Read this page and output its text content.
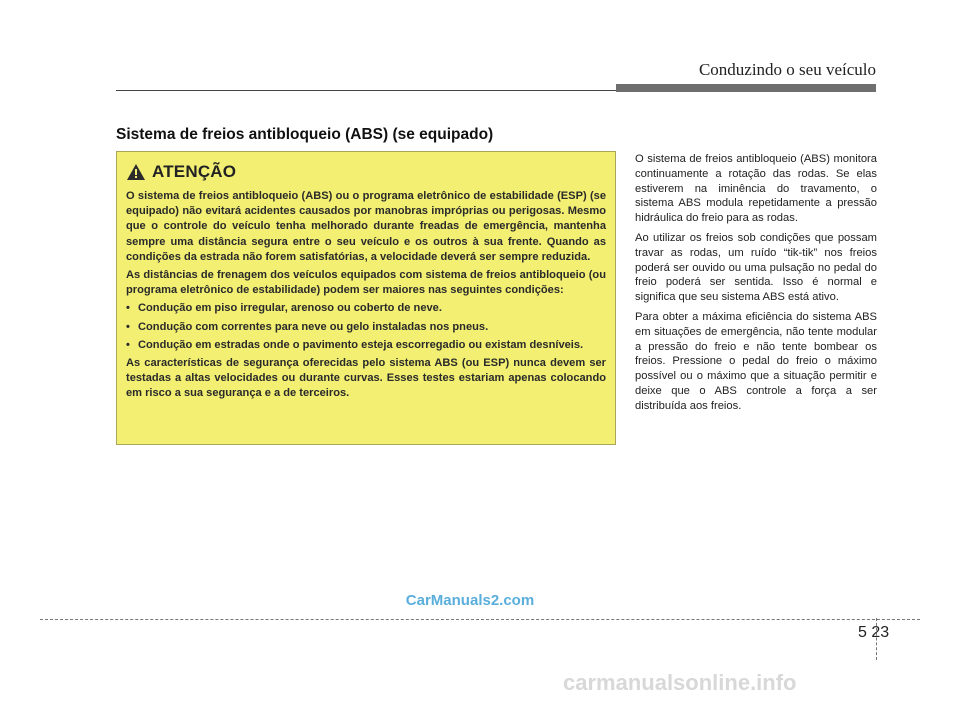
Conduzindo o seu veículo
Sistema de freios antibloqueio (ABS) (se equipado)
ATENÇÃO

O sistema de freios antibloqueio (ABS) ou o programa eletrônico de estabilidade (ESP) (se equipado) não evitará acidentes causados por manobras impróprias ou perigosas. Mesmo que o controle do veículo tenha melhorado durante freadas de emergência, mantenha sempre uma distância segura entre o seu veículo e os outros à sua frente. Quando as condições da estrada não forem satisfatórias, a velocidade deverá ser sempre reduzida.

As distâncias de frenagem dos veículos equipados com sistema de freios antibloqueio (ou programa eletrônico de estabilidade) podem ser maiores nas seguintes condições:

• Condução em piso irregular, arenoso ou coberto de neve.
• Condução com correntes para neve ou gelo instaladas nos pneus.
• Condução em estradas onde o pavimento esteja escorregadio ou existam desníveis.

As características de segurança oferecidas pelo sistema ABS (ou ESP) nunca devem ser testadas a altas velocidades ou durante curvas. Esses testes estariam apenas colocando em risco a sua segurança e a de terceiros.

O sistema de freios antibloqueio (ABS) monitora continuamente a rotação das rodas. Se elas estiverem na iminência do travamento, o sistema ABS modula repetidamente a pressão hidráulica do freio para as rodas.

Ao utilizar os freios sob condições que possam travar as rodas, um ruído “tik-tik” nos freios poderá ser ouvido ou uma pulsação no pedal do freio poderá ser sentida. Isso é normal e significa que seu sistema ABS está ativo.

Para obter a máxima eficiência do sistema ABS em situações de emergência, não tente modular a pressão do freio e não tente bombear os freios. Pressione o pedal do freio o máximo possível ou o máximo que a situação permitir e deixe que o ABS controle a força a ser distribuída aos freios.

CarManuals2.com
5 23
carmanualsonline.info
